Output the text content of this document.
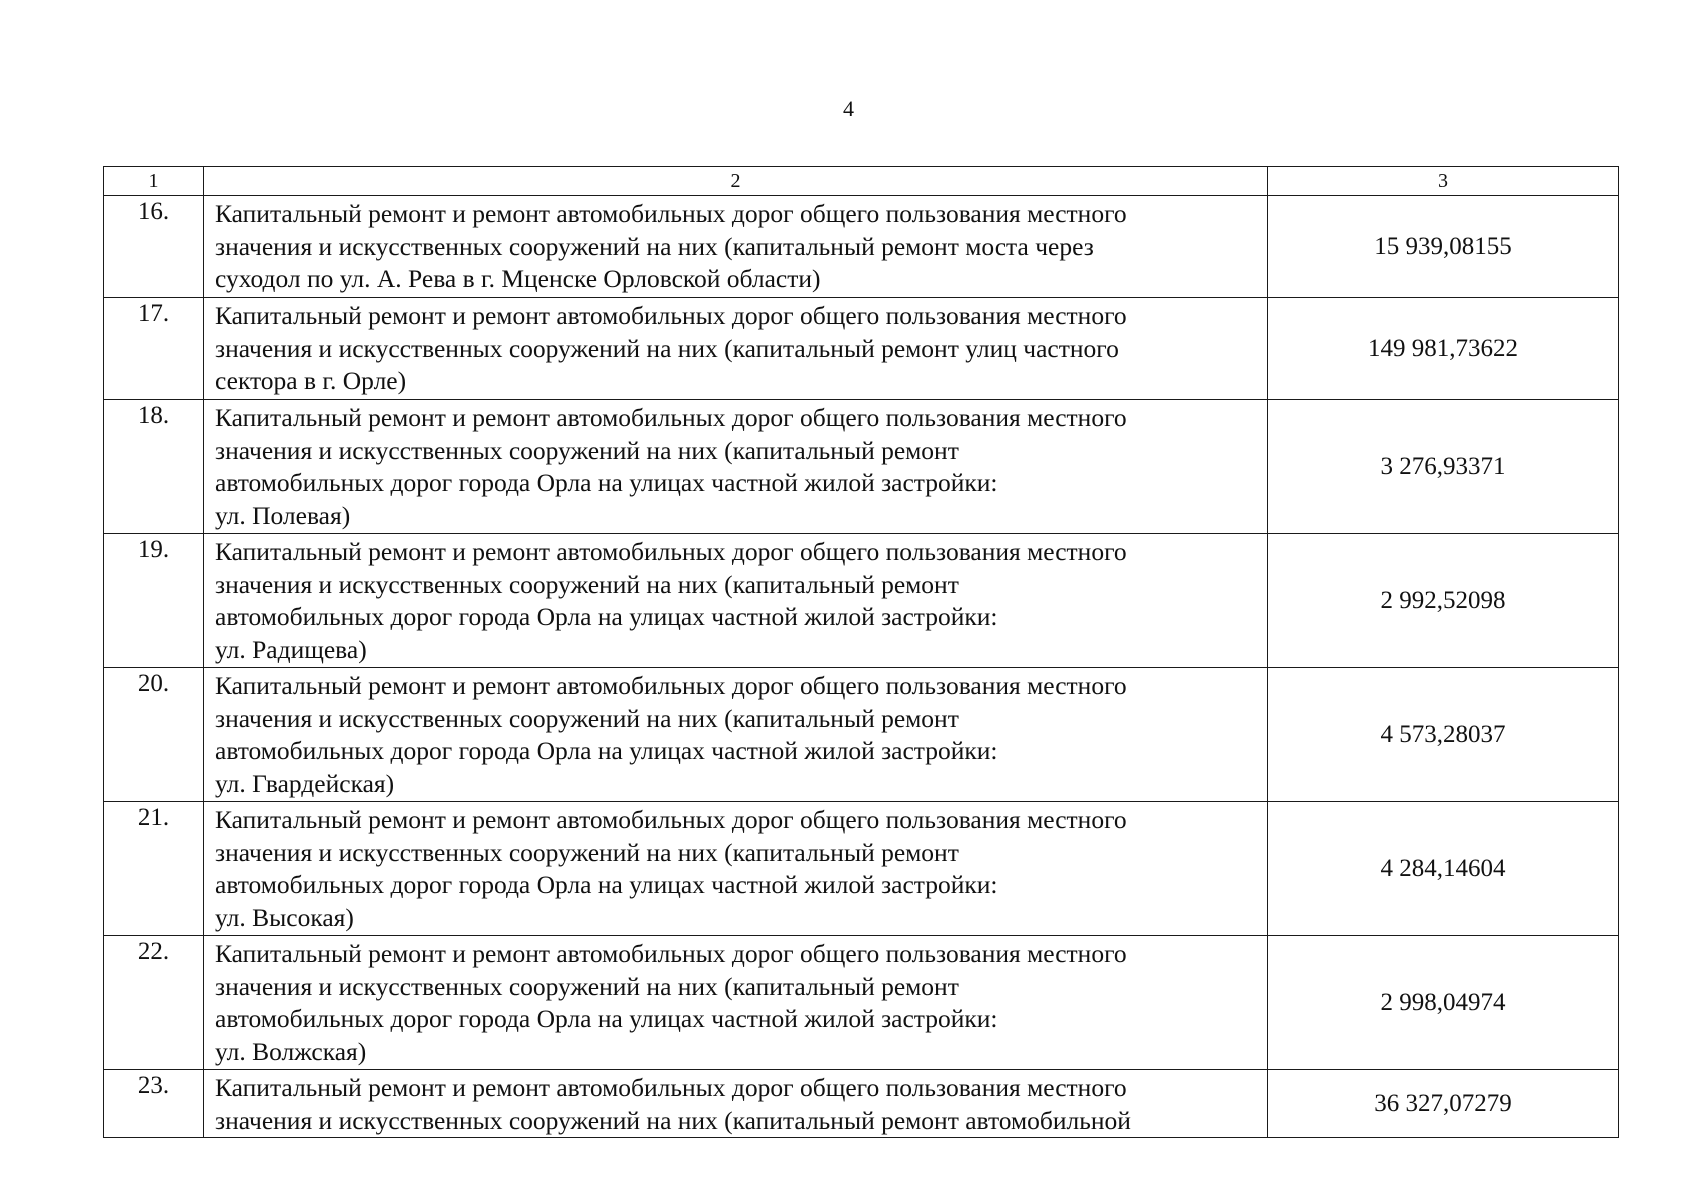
4
1	2	3
16.	Капитальный ремонт и ремонт автомобильных дорог общего пользования местного
значения и искусственных сооружений на них (капитальный ремонт моста через
суходол по ул. А. Рева в г. Мценске Орловской области)	15 939,08155
17.	Капитальный ремонт и ремонт автомобильных дорог общего пользования местного
значения и искусственных сооружений на них (капитальный ремонт улиц частного
сектора в г. Орле)	149 981,73622
18.	Капитальный ремонт и ремонт автомобильных дорог общего пользования местного
значения и искусственных сооружений на них (капитальный ремонт
автомобильных дорог города Орла на улицах частной жилой застройки:
ул. Полевая)	3 276,93371
19.	Капитальный ремонт и ремонт автомобильных дорог общего пользования местного
значения и искусственных сооружений на них (капитальный ремонт
автомобильных дорог города Орла на улицах частной жилой застройки:
ул. Радищева)	2 992,52098
20.	Капитальный ремонт и ремонт автомобильных дорог общего пользования местного
значения и искусственных сооружений на них (капитальный ремонт
автомобильных дорог города Орла на улицах частной жилой застройки:
ул. Гвардейская)	4 573,28037
21.	Капитальный ремонт и ремонт автомобильных дорог общего пользования местного
значения и искусственных сооружений на них (капитальный ремонт
автомобильных дорог города Орла на улицах частной жилой застройки:
ул. Высокая)	4 284,14604
22.	Капитальный ремонт и ремонт автомобильных дорог общего пользования местного
значения и искусственных сооружений на них (капитальный ремонт
автомобильных дорог города Орла на улицах частной жилой застройки:
ул. Волжская)	2 998,04974
23.	Капитальный ремонт и ремонт автомобильных дорог общего пользования местного
значения и искусственных сооружений на них (капитальный ремонт автомобильной	36 327,07279
